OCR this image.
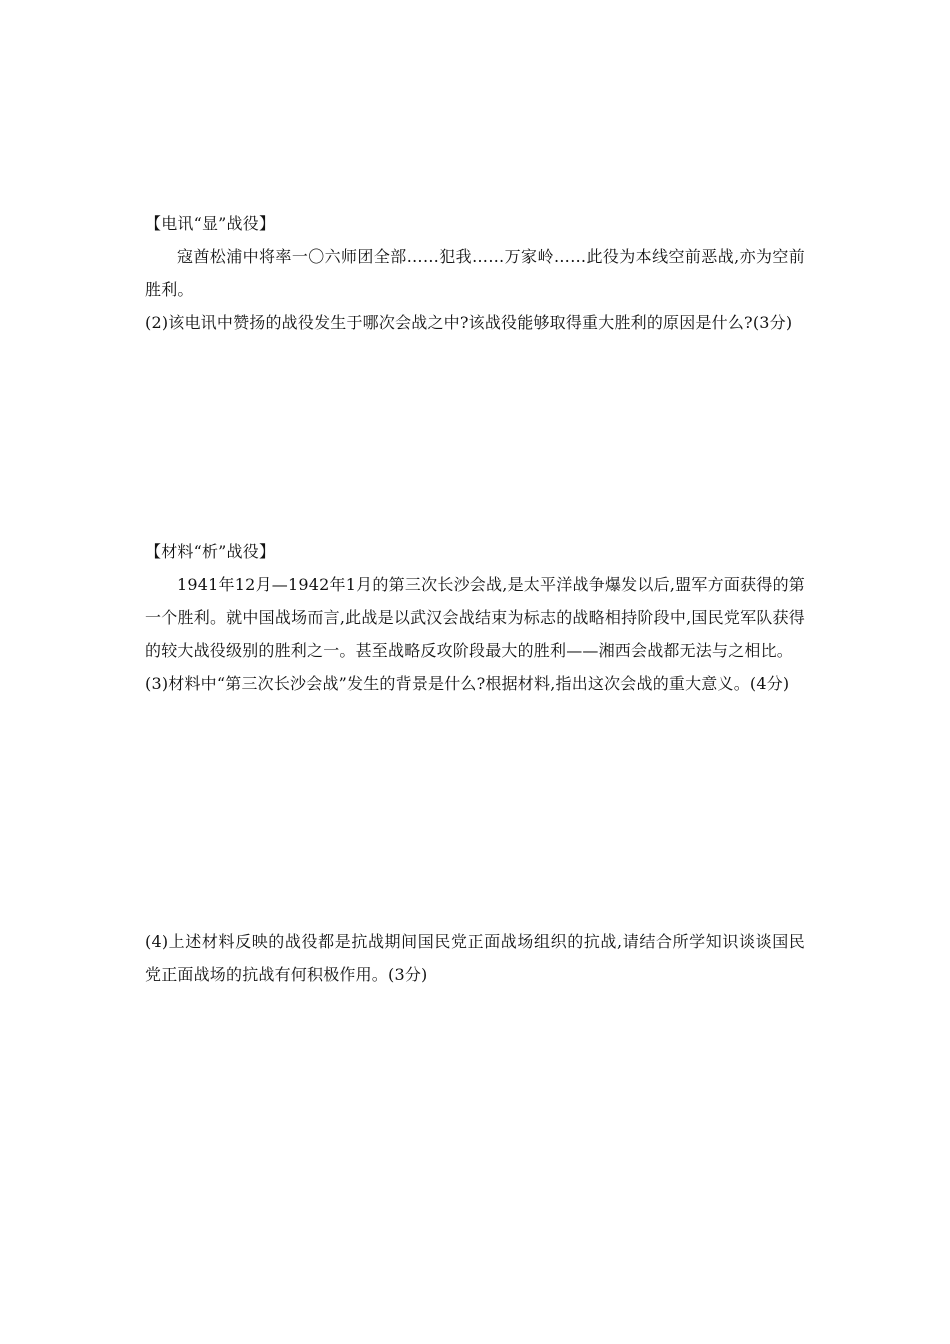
【电讯“显”战役】
寇酋松浦中将率一〇六师团全部……犯我……万家岭……此役为本线空前恶战,亦为空前胜利。
(2)该电讯中赞扬的战役发生于哪次会战之中?该战役能够取得重大胜利的原因是什么?(3分)
【材料“析”战役】
1941年12月—1942年1月的第三次长沙会战,是太平洋战争爆发以后,盟军方面获得的第一个胜利。就中国战场而言,此战是以武汉会战结束为标志的战略相持阶段中,国民党军队获得的较大战役级别的胜利之一。甚至战略反攻阶段最大的胜利——湘西会战都无法与之相比。
(3)材料中“第三次长沙会战”发生的背景是什么?根据材料,指出这次会战的重大意义。(4分)
(4)上述材料反映的战役都是抗战期间国民党正面战场组织的抗战,请结合所学知识谈谈国民党正面战场的抗战有何积极作用。(3分)
